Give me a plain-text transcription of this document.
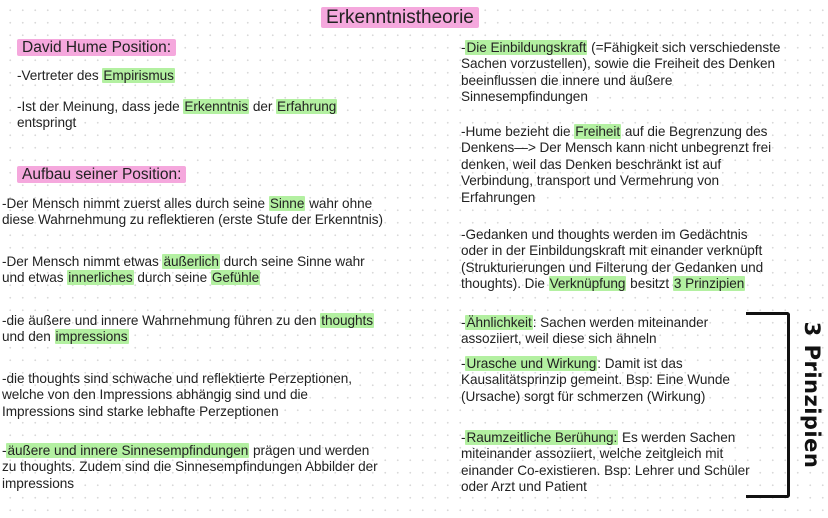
Erkenntnistheorie
David Hume Position:
-Vertreter des Empirismus
-Ist der Meinung, dass jede Erkenntnis der Erfahrung
entspringt
Aufbau seiner Position:
-Der Mensch nimmt zuerst alles durch seine Sinne wahr ohne
diese Wahrnehmung zu reflektieren (erste Stufe der Erkenntnis)
-Der Mensch nimmt etwas äußerlich durch seine Sinne wahr
und etwas innerliches durch seine Gefühle
-die äußere und innere Wahrnehmung führen zu den thoughts
und den impressions
-die thoughts sind schwache und reflektierte Perzeptionen,
welche von den Impressions abhängig sind und die
Impressions sind starke lebhafte Perzeptionen
-äußere und innere Sinnesempfindungen prägen und werden
zu thoughts. Zudem sind die Sinnesempfindungen Abbilder der
impressions
-Die Einbildungskraft (=Fähigkeit sich verschiedenste
Sachen vorzustellen), sowie die Freiheit des Denken
beeinflussen die innere und äußere
Sinnesempfindungen
-Hume bezieht die Freiheit auf die Begrenzung des
Denkens—> Der Mensch kann nicht unbegrenzt frei
denken, weil das Denken beschränkt ist auf
Verbindung, transport und Vermehrung von
Erfahrungen
-Gedanken und thoughts werden im Gedächtnis
oder in der Einbildungskraft mit einander verknüpft
(Strukturierungen und Filterung der Gedanken und
thoughts). Die Verknüpfung besitzt 3 Prinzipien
-Ähnlichkeit: Sachen werden miteinander
assoziiert, weil diese sich ähneln
-Urasche und Wirkung: Damit ist das
Kausalitätsprinzip gemeint. Bsp: Eine Wunde
(Ursache) sorgt für schmerzen (Wirkung)
-Raumzeitliche Berühung: Es werden Sachen
miteinander assoziiert, welche zeitgleich mit
einander Co-existieren. Bsp: Lehrer und Schüler
oder Arzt und Patient
3 Prinzipien
